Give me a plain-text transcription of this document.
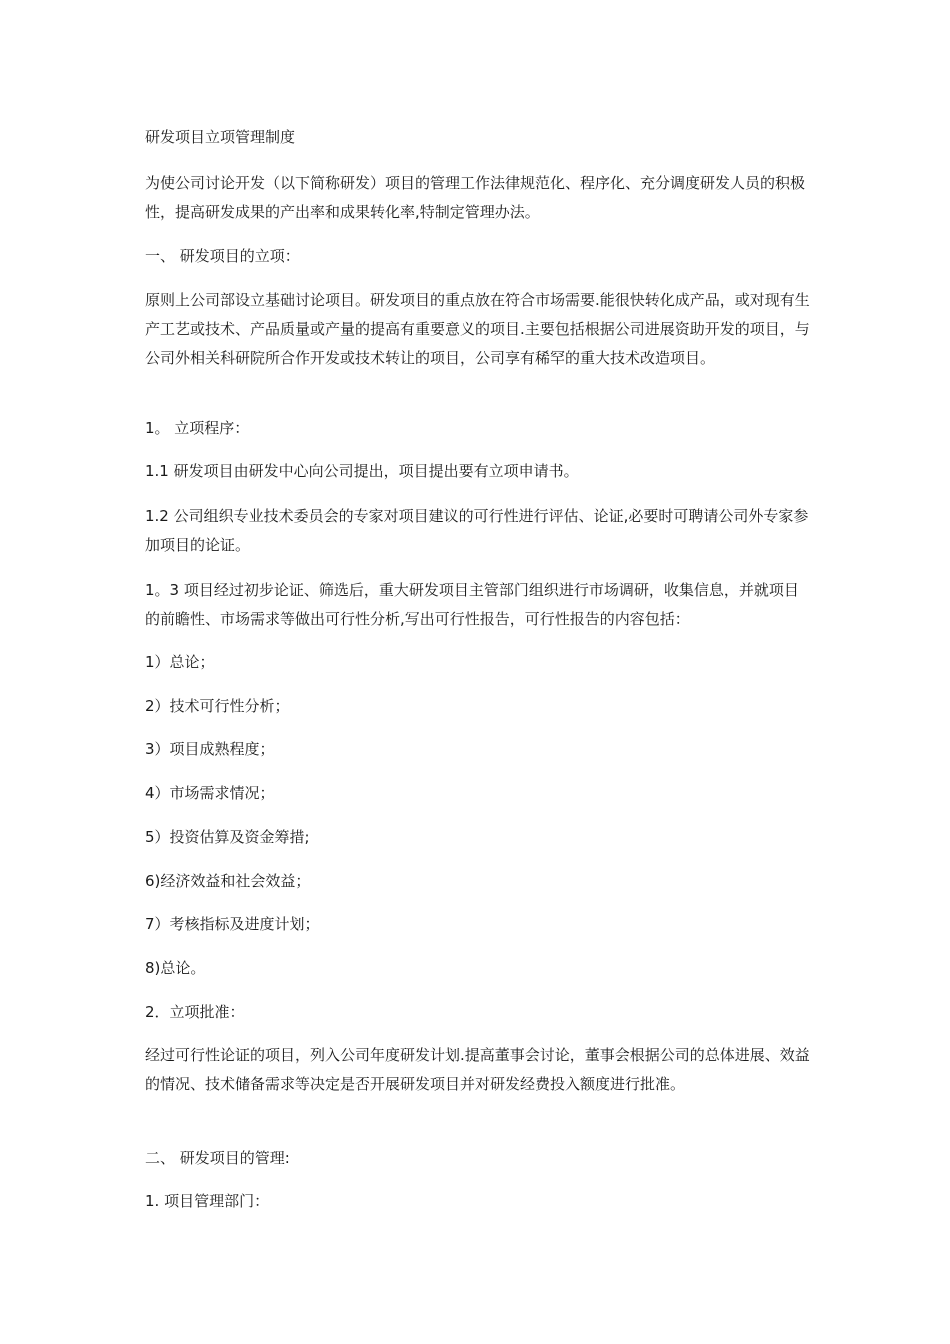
研发项目立项管理制度

为使公司讨论开发（以下简称研发）项目的管理工作法律规范化、程序化、充分调度研发人员的积极性，提高研发成果的产出率和成果转化率,特制定管理办法。

一、 研发项目的立项：

原则上公司部设立基础讨论项目。研发项目的重点放在符合市场需要.能很快转化成产品，或对现有生产工艺或技术、产品质量或产量的提高有重要意义的项目.主要包括根据公司进展资助开发的项目，与公司外相关科研院所合作开发或技术转让的项目，公司享有稀罕的重大技术改造项目。

1。 立项程序：

1.1 研发项目由研发中心向公司提出，项目提出要有立项申请书。

1.2 公司组织专业技术委员会的专家对项目建议的可行性进行评估、论证,必要时可聘请公司外专家参加项目的论证。

1。3 项目经过初步论证、筛选后，重大研发项目主管部门组织进行市场调研，收集信息，并就项目的前瞻性、市场需求等做出可行性分析,写出可行性报告，可行性报告的内容包括：

1）总论；

2）技术可行性分析；

3）项目成熟程度；

4）市场需求情况；

5）投资估算及资金筹措;

6)经济效益和社会效益；

7）考核指标及进度计划；

8)总论。

2．立项批准：

经过可行性论证的项目，列入公司年度研发计划.提高董事会讨论，董事会根据公司的总体进展、效益的情况、技术储备需求等决定是否开展研发项目并对研发经费投入额度进行批准。

二、 研发项目的管理:

1. 项目管理部门：
